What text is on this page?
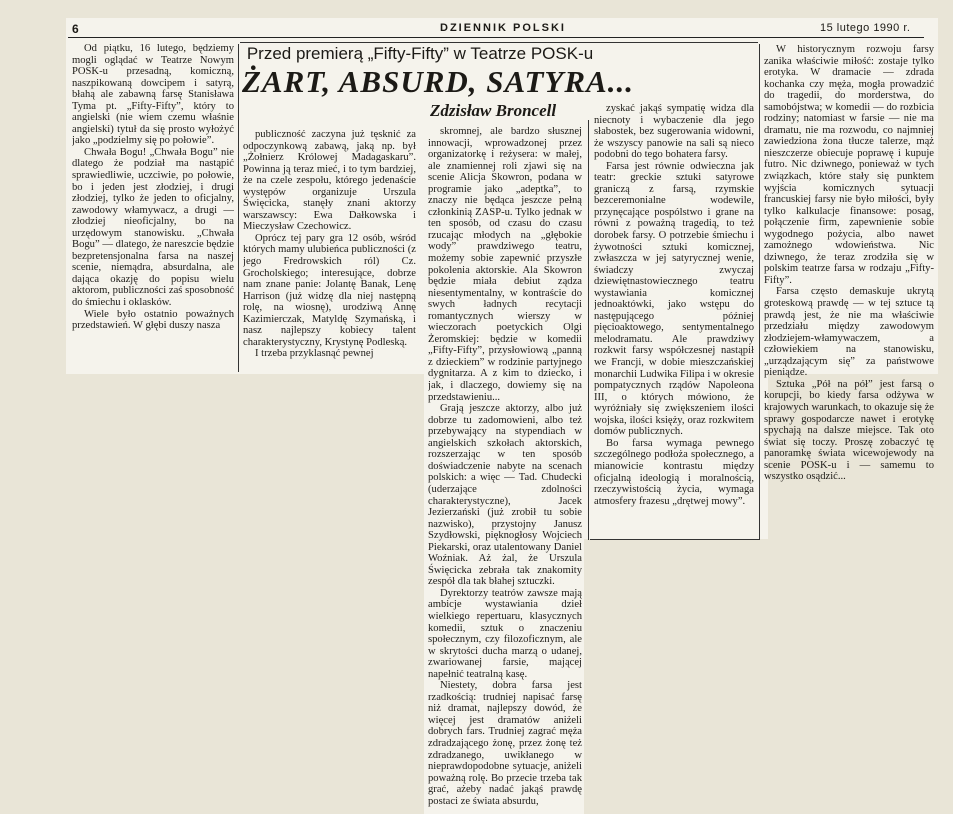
6	DZIENNIK POLSKI	15 lutego 1990 r.
Przed premierą „Fifty-Fifty” w Teatrze POSK-u
ŻART, ABSURD, SATYRA...
Zdzisław Broncell

Od piątku, 16 lutego, będziemy mogli oglądać w Teatrze Nowym POSK-u przesadną, komiczną, naszpikowaną dowcipem i satyrą, błahą ale zabawną farsę Stanisława Tyma pt. „Fifty-Fifty”, który to angielski (nie wiem czemu właśnie angielski) tytuł da się prosto wyłożyć jako „podzielmy się po połowie”.

Chwała Bogu! „Chwała Bogu” nie dlatego że podział ma nastąpić sprawiedliwie, uczciwie, po połowie, bo i jeden jest złodziej, i drugi złodziej, tylko że jeden to oficjalny, zawodowy włamywacz, a drugi — złodziej nieoficjalny, bo na urzędowym stanowisku. „Chwała Bogu” — dlatego, że nareszcie będzie bezpretensjonalna farsa na naszej scenie, niemądra, absurdalna, ale dająca okazję do popisu wielu aktorom, publiczności zaś sposobność do śmiechu i oklasków.

Wiele było ostatnio poważnych przedstawień. W głębi duszy nasza

publiczność zaczyna już tęsknić za odpoczynkową zabawą, jaką np. był „Żołnierz Królowej Madagaskaru”. Powinna ją teraz mieć, i to tym bardziej, że na czele zespołu, którego jedenaście występów organizuje Urszula Święcicka, stanęły znani aktorzy warszawscy: Ewa Dałkowska i Mieczysław Czechowicz.

Oprócz tej pary gra 12 osób, wśród których mamy ulubieńca publiczności (z jego Fredrowskich ról) Cz. Grocholskiego; interesujące, dobrze nam znane panie: Jolantę Banak, Lenę Harrison (już widzę dla niej następną rolę, na wiosnę), urodziwą Annę Kazimierczak, Matyldę Szymańską, i nasz najlepszy kobiecy talent charakterystyczny, Krystynę Podleską.

I trzeba przyklasnąć pewnej

skromnej, ale bardzo słusznej innowacji, wprowadzonej przez organizatorkę i reżysera: w małej, ale znamiennej roli zjawi się na scenie Alicja Skowron, podana w programie jako „adeptka”, to znaczy nie będąca jeszcze pełną członkinią ZASP-u. Tylko jednak w ten sposób, od czasu do czasu rzucając młodych na „głębokie wody” prawdziwego teatru, możemy sobie zapewnić przyszłe pokolenia aktorskie. Ala Skowron będzie miała debiut ządza niesentymentalny, w kontraście do swych ładnych recytacji romantycznych wierszy w wieczorach poetyckich Olgi Żeromskiej: będzie w komedii „Fifty-Fifty”, przysłowiową „panną z dzieckiem” w rodzinie partyjnego dygnitarza. A z kim to dziecko, i jak, i dlaczego, dowiemy się na przedstawieniu...

Grają jeszcze aktorzy, albo już dobrze tu zadomowieni, albo też przebywający na stypendiach w angielskich szkołach aktorskich, rozszerzając w ten sposób doświadczenie nabyte na scenach polskich: a więc — Tad. Chudecki (uderzające zdolności charakterystyczne), Jacek Jezierzański (już zrobił tu sobie nazwisko), przystojny Janusz Szydłowski, pięknogłosy Wojciech Piekarski, oraz utalentowany Daniel Woźniak. Aż żal, że Urszula Święcicka zebrała tak znakomity zespół dla tak błahej sztuczki.

Dyrektorzy teatrów zawsze mają ambicje wystawiania dzieł wielkiego repertuaru, klasycznych komedii, sztuk o znaczeniu społecznym, czy filozoficznym, ale w skrytości ducha marzą o udanej, zwariowanej farsie, mającej napełnić teatralną kasę.

Niestety, dobra farsa jest rzadkością: trudniej napisać farsę niż dramat, najlepszy dowód, że więcej jest dramatów aniżeli dobrych fars. Trudniej zagrać męża zdradzającego żonę, przez żonę też zdradzanego, uwikłanego w nieprawdopodobne sytuacje, aniżeli poważną rolę. Bo przecie trzeba tak grać, ażeby nadać jakąś prawdę postaci ze świata absurdu,

zyskać jakąś sympatię widza dla niecnoty i wybaczenie dla jego słabostek, bez sugerowania widowni, że wszyscy panowie na sali są nieco podobni do tego bohatera farsy.

Farsa jest równie odwieczna jak teatr: greckie sztuki satyrowe graniczą z farsą, rzymskie bezceremonialne wodewile, przynęcające pospólstwo i grane na równi z poważną tragedią, to też dorobek farsy. O potrzebie śmiechu i żywotności sztuki komicznej, zwłaszcza w jej satyrycznej wenie, świadczy zwyczaj dziewiętnastowiecznego teatru wystawiania komicznej jednoaktówki, jako wstępu do następującego później pięcioaktowego, sentymentalnego melodramatu. Ale prawdziwy rozkwit farsy współczesnej nastąpił we Francji, w dobie mieszczańskiej monarchii Ludwika Filipa i w okresie pompatycznych rządów Napoleona III, o których mówiono, że wyróżniały się zwiększeniem ilości wojska, ilości księży, oraz rozkwitem domów publicznych.

Bo farsa wymaga pewnego szczególnego podłoża społecznego, a mianowicie kontrastu między oficjalną ideologią i moralnością, rzeczywistością życia, wymaga atmosfery frazesu „drętwej mowy”.

W historycznym rozwoju farsy zanika właściwie miłość: zostaje tylko erotyka. W dramacie — zdrada kochanka czy męża, mogła prowadzić do tragedii, do morderstwa, do samobójstwa; w komedii — do rozbicia rodziny; natomiast w farsie — nie ma dramatu, nie ma rozwodu, co najmniej zawiedziona żona tłucze talerze, mąż nieszczerze obiecuje poprawę i kupuje futro. Nic dziwnego, ponieważ w tych związkach, które stały się punktem wyjścia komicznych sytuacji francuskiej farsy nie było miłości, były tylko kalkulacje finansowe: posag, połączenie firm, zapewnienie sobie wygodnego pożycia, albo nawet zamożnego wdowieństwa. Nic dziwnego, że teraz zrodziła się w polskim teatrze farsa w rodzaju „Fifty-Fifty”.

Farsa często demaskuje ukrytą groteskową prawdę — w tej sztuce tą prawdą jest, że nie ma właściwie przedziału między zawodowym złodziejem-włamywaczem, a człowiekiem na stanowisku, „urządzającym się” za państwowe pieniądze.

Sztuka „Pół na pół” jest farsą o korupcji, bo kiedy farsa odżywa w krajowych warunkach, to okazuje się że sprawy gospodarcze nawet i erotykę spychają na dalsze miejsce. Tak oto świat się toczy. Proszę zobaczyć tę panoramkę świata wicewojewody na scenie POSK-u i — samemu to wszystko osądzić...
